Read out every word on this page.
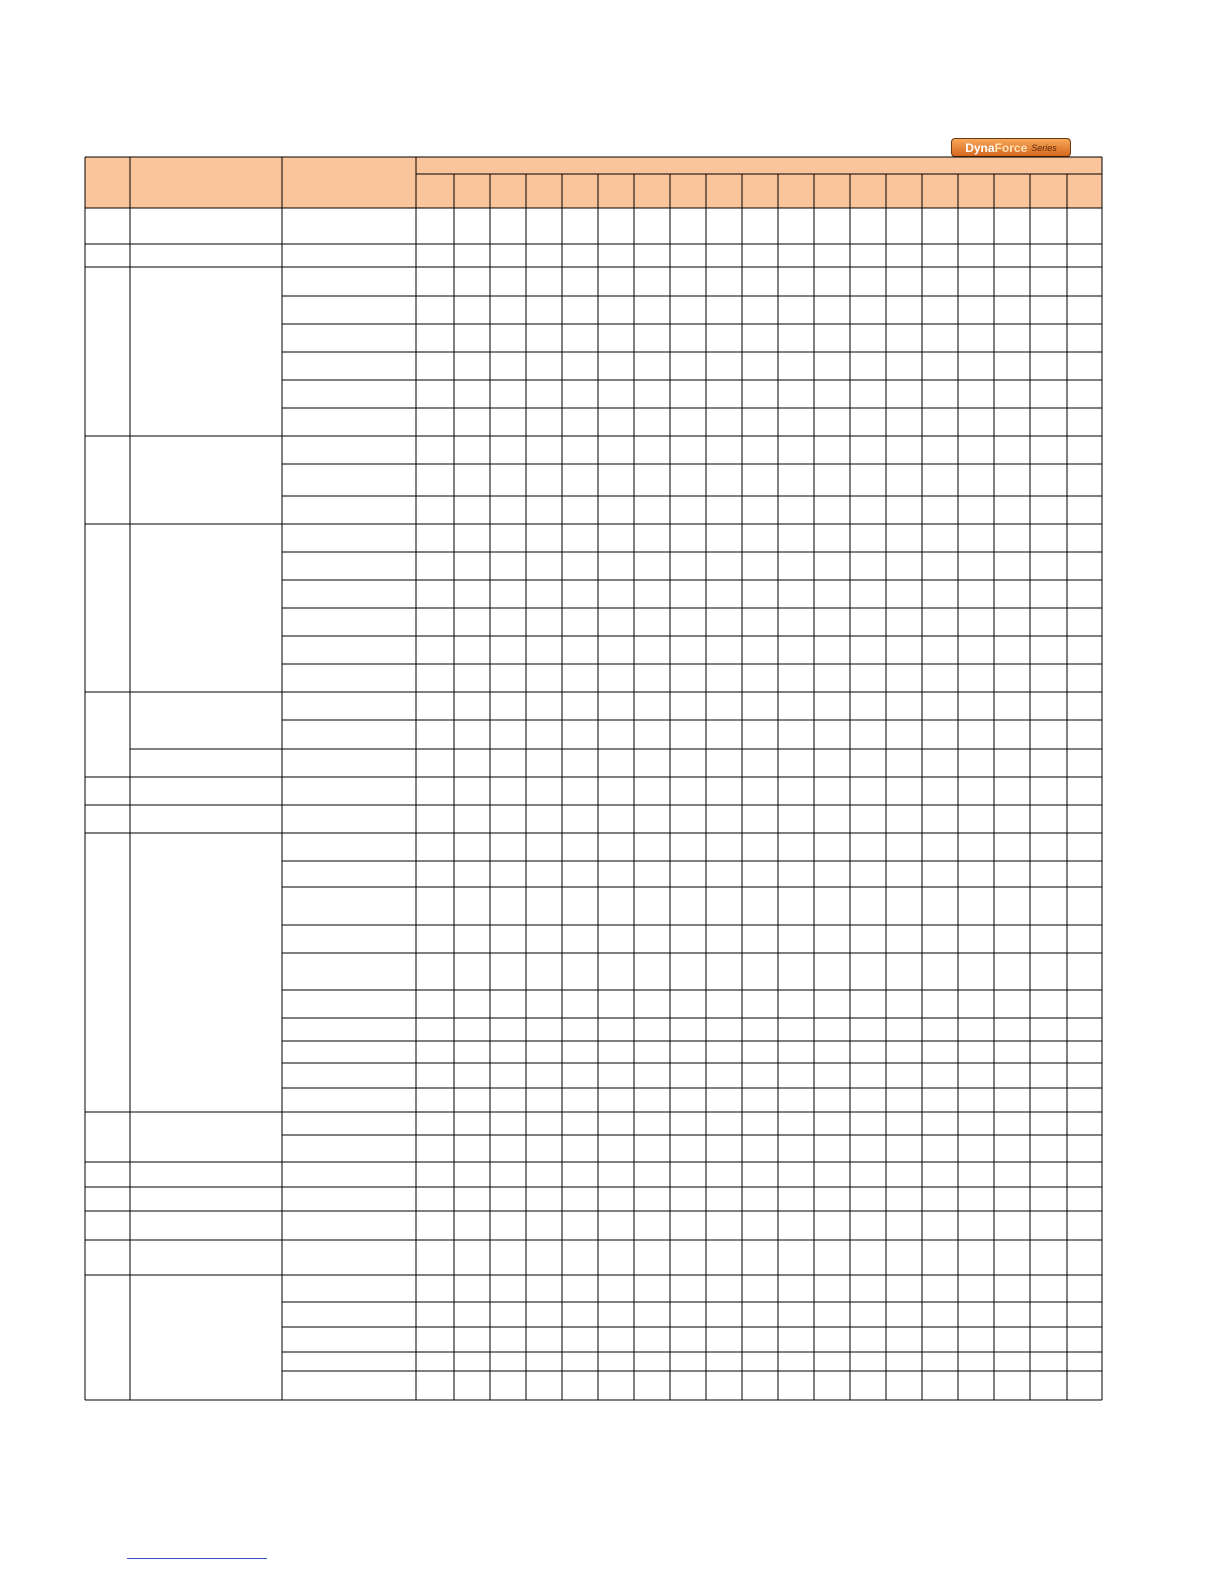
Dyna Force Series
